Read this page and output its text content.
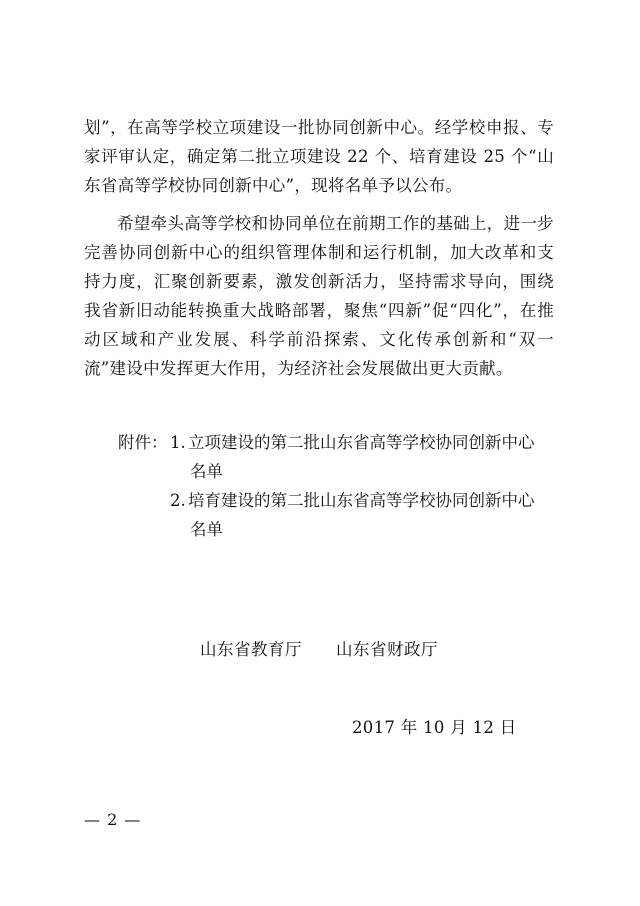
划”，在高等学校立项建设一批协同创新中心。经学校申报、专家评审认定，确定第二批立项建设 22 个、培育建设 25 个“山东省高等学校协同创新中心”，现将名单予以公布。

希望牵头高等学校和协同单位在前期工作的基础上，进一步完善协同创新中心的组织管理体制和运行机制，加大改革和支持力度，汇聚创新要素，激发创新活力，坚持需求导向，围绕我省新旧动能转换重大战略部署，聚焦“四新”促“四化”，在推动区域和产业发展、科学前沿探索、文化传承创新和“双一流”建设中发挥更大作用，为经济社会发展做出更大贡献。

附件： 1. 立项建设的第二批山东省高等学校协同创新中心
名单
2. 培育建设的第二批山东省高等学校协同创新中心
名单
山东省教育厅 山东省财政厅
2017 年 10 月 12 日
— 2 —
